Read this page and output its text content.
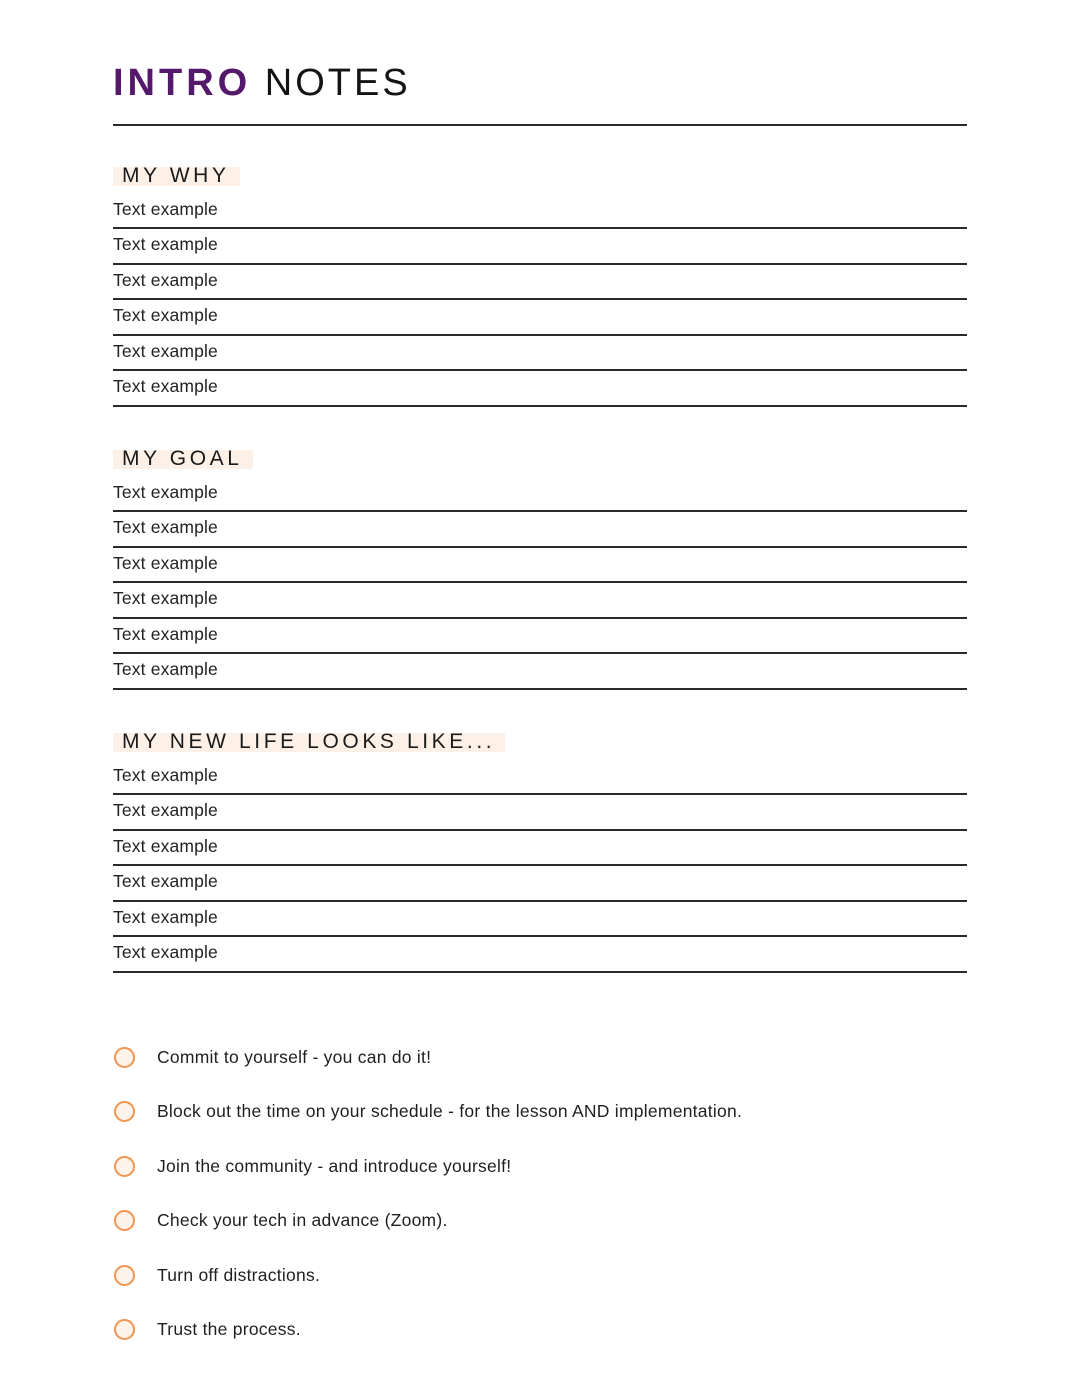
INTRO NOTES
MY WHY
Text example
Text example
Text example
Text example
Text example
Text example
MY GOAL
Text example
Text example
Text example
Text example
Text example
Text example
MY NEW LIFE LOOKS LIKE...
Text example
Text example
Text example
Text example
Text example
Text example
Commit to yourself - you can do it!
Block out the time on your schedule - for the lesson AND implementation.
Join the community - and introduce yourself!
Check your tech in advance (Zoom).
Turn off distractions.
Trust the process.
